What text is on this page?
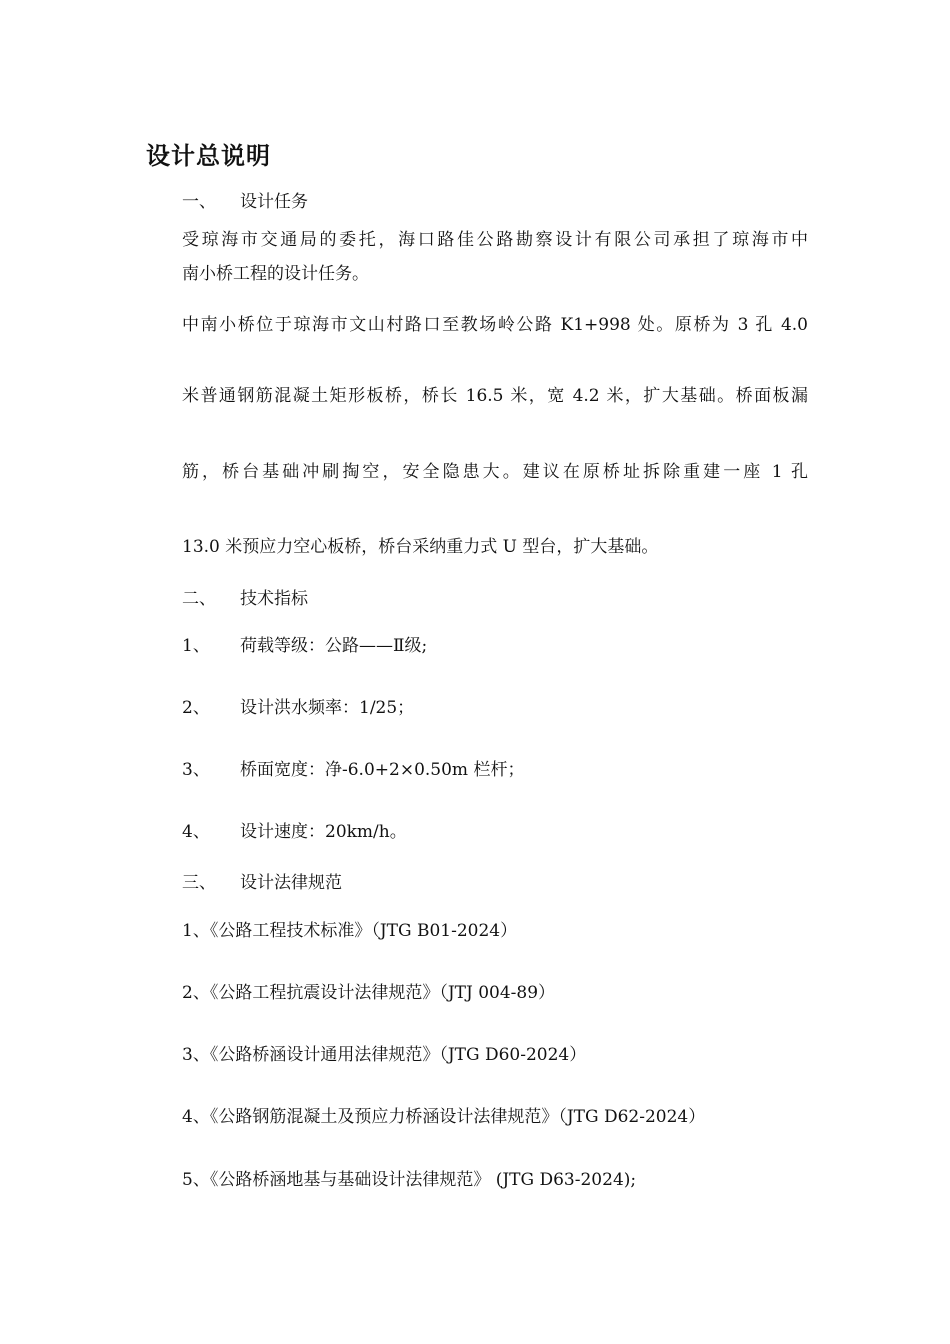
设计总说明
一、 设计任务
受琼海市交通局的委托，海口路佳公路勘察设计有限公司承担了琼海市中
南小桥工程的设计任务。
中南小桥位于琼海市文山村路口至教场岭公路 K1+998 处。原桥为 3 孔 4.0
米普通钢筋混凝土矩形板桥，桥长 16.5 米，宽 4.2 米，扩大基础。桥面板漏
筋，桥台基础冲刷掏空，安全隐患大。建议在原桥址拆除重建一座 1 孔
13.0 米预应力空心板桥，桥台采纳重力式 U 型台，扩大基础。
二、 技术指标
1、 荷载等级：公路——Ⅱ级;
2、 设计洪水频率：1/25；
3、 桥面宽度：净-6.0+2×0.50m 栏杆；
4、 设计速度：20km/h。
三、 设计法律规范
1、《公路工程技术标准》（JTG B01-2024）
2、《公路工程抗震设计法律规范》（JTJ 004-89）
3、《公路桥涵设计通用法律规范》（JTG D60-2024）
4、《公路钢筋混凝土及预应力桥涵设计法律规范》（JTG D62-2024）
5、《公路桥涵地基与基础设计法律规范》 (JTG D63-2024);
